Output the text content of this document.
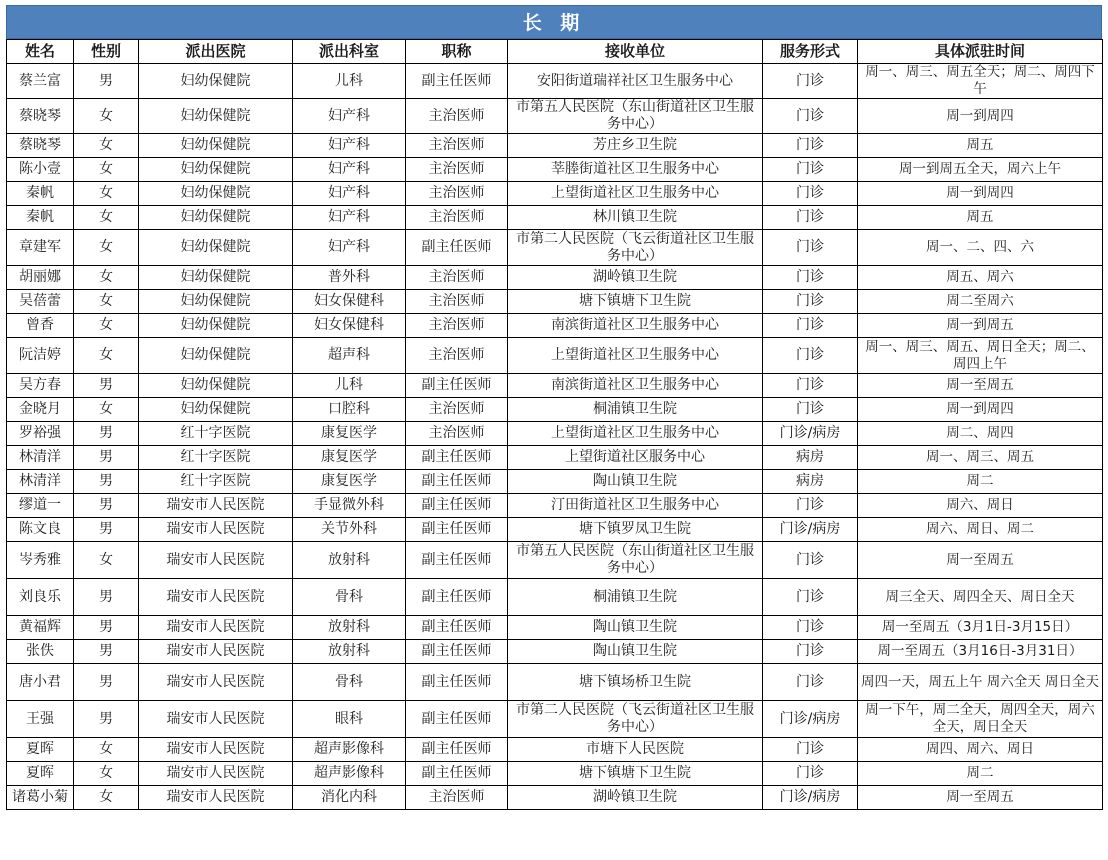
长 期
姓名	性别	派出医院	派出科室	职称	接收单位	服务形式	具体派驻时间
蔡兰富	男	妇幼保健院	儿科	副主任医师	安阳街道瑞祥社区卫生服务中心	门诊	周一、周三、周五全天；周二、周四下午
蔡晓琴	女	妇幼保健院	妇产科	主治医师	市第五人民医院（东山街道社区卫生服务中心）	门诊	周一到周四
蔡晓琴	女	妇幼保健院	妇产科	主治医师	芳庄乡卫生院	门诊	周五
陈小壹	女	妇幼保健院	妇产科	主治医师	莘塍街道社区卫生服务中心	门诊	周一到周五全天，周六上午
秦帆	女	妇幼保健院	妇产科	主治医师	上望街道社区卫生服务中心	门诊	周一到周四
秦帆	女	妇幼保健院	妇产科	主治医师	林川镇卫生院	门诊	周五
章建军	女	妇幼保健院	妇产科	副主任医师	市第二人民医院（飞云街道社区卫生服务中心）	门诊	周一、二、四、六
胡丽娜	女	妇幼保健院	普外科	主治医师	湖岭镇卫生院	门诊	周五、周六
吴蓓蕾	女	妇幼保健院	妇女保健科	主治医师	塘下镇塘下卫生院	门诊	周二至周六
曾香	女	妇幼保健院	妇女保健科	主治医师	南滨街道社区卫生服务中心	门诊	周一到周五
阮洁婷	女	妇幼保健院	超声科	主治医师	上望街道社区卫生服务中心	门诊	周一、周三、周五、周日全天；周二、周四上午
吴方春	男	妇幼保健院	儿科	副主任医师	南滨街道社区卫生服务中心	门诊	周一至周五
金晓月	女	妇幼保健院	口腔科	主治医师	桐浦镇卫生院	门诊	周一到周四
罗裕强	男	红十字医院	康复医学	主治医师	上望街道社区卫生服务中心	门诊/病房	周二、周四
林清洋	男	红十字医院	康复医学	副主任医师	上望街道社区服务中心	病房	周一、周三、周五
林清洋	男	红十字医院	康复医学	副主任医师	陶山镇卫生院	病房	周二
缪道一	男	瑞安市人民医院	手显微外科	副主任医师	汀田街道社区卫生服务中心	门诊	周六、周日
陈文良	男	瑞安市人民医院	关节外科	副主任医师	塘下镇罗凤卫生院	门诊/病房	周六、周日、周二
岑秀雅	女	瑞安市人民医院	放射科	副主任医师	市第五人民医院（东山街道社区卫生服务中心）	门诊	周一至周五
刘良乐	男	瑞安市人民医院	骨科	副主任医师	桐浦镇卫生院	门诊	周三全天、周四全天、周日全天
黄福辉	男	瑞安市人民医院	放射科	副主任医师	陶山镇卫生院	门诊	周一至周五（3月1日-3月15日）
张佚	男	瑞安市人民医院	放射科	副主任医师	陶山镇卫生院	门诊	周一至周五（3月16日-3月31日）
唐小君	男	瑞安市人民医院	骨科	副主任医师	塘下镇场桥卫生院	门诊	周四一天，周五上午 周六全天 周日全天
王强	男	瑞安市人民医院	眼科	副主任医师	市第二人民医院（飞云街道社区卫生服务中心）	门诊/病房	周一下午，周二全天，周四全天，周六全天，周日全天
夏晖	女	瑞安市人民医院	超声影像科	副主任医师	市塘下人民医院	门诊	周四、周六、周日
夏晖	女	瑞安市人民医院	超声影像科	副主任医师	塘下镇塘下卫生院	门诊	周二
诸葛小菊	女	瑞安市人民医院	消化内科	主治医师	湖岭镇卫生院	门诊/病房	周一至周五
